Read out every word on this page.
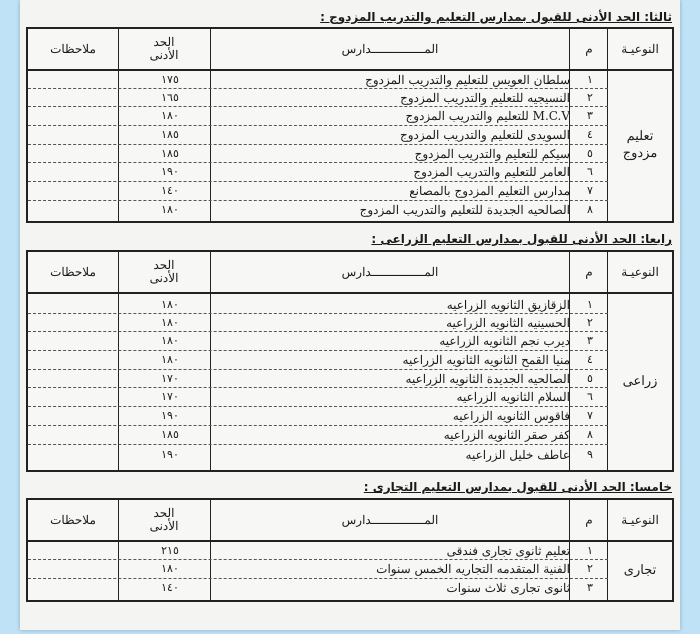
ثالثا: الحد الأدنى للقبول بمدارس التعليم والتدريب المزدوج :
النوعيـة
م
المـــــــــــــــدارس
الحد
الأدنى
ملاحظات
تعليم
مزدوج
١
سلطان العويس للتعليم والتدريب المزدوج
١٧٥
٢
النسيجيه للتعليم والتدريب المزدوج
١٦٥
٣
M.C.V للتعليم والتدريب المزدوج
١٨٠
٤
السويدى للتعليم والتدريب المزدوج
١٨٥
٥
سيكم للتعليم والتدريب المزدوج
١٨٥
٦
العامر للتعليم والتدريب المزدوج
١٩٠
٧
مدارس التعليم المزدوج بالمصانع
١٤٠
٨
الصالحيه الجديدة للتعليم والتدريب المزدوج
١٨٠
رابعا: الحد الأدنى للقبول بمدارس التعليم الزراعى :
النوعيـة
م
المـــــــــــــــدارس
الحد
الأدنى
ملاحظات
زراعى
١
الزقازيق الثانويه الزراعيه
١٨٠
٢
الحسينيه الثانويه الزراعيه
١٨٠
٣
ديرب نجم الثانويه الزراعيه
١٨٠
٤
منيا القمح الثانويه الثانويه الزراعيه
١٨٠
٥
الصالحيه الجديدة الثانويه الزراعيه
١٧٠
٦
السلام الثانويه الزراعيه
١٧٠
٧
فاقوس الثانويه الزراعيه
١٩٠
٨
كفر صقر الثانويه الزراعيه
١٨٥
٩
عاطف خليل الزراعيه
١٩٠
خامسا: الحد الأدنى للقبول بمدارس التعليم التجارى :
النوعيـة
م
المـــــــــــــــدارس
الحد
الأدنى
ملاحظات
تجارى
١
تعليم ثانوى تجارى فندقى
٢١٥
٢
الفنية المتقدمه التجاريه الخمس سنوات
١٨٠
٣
ثانوى تجارى ثلاث سنوات
١٤٠
